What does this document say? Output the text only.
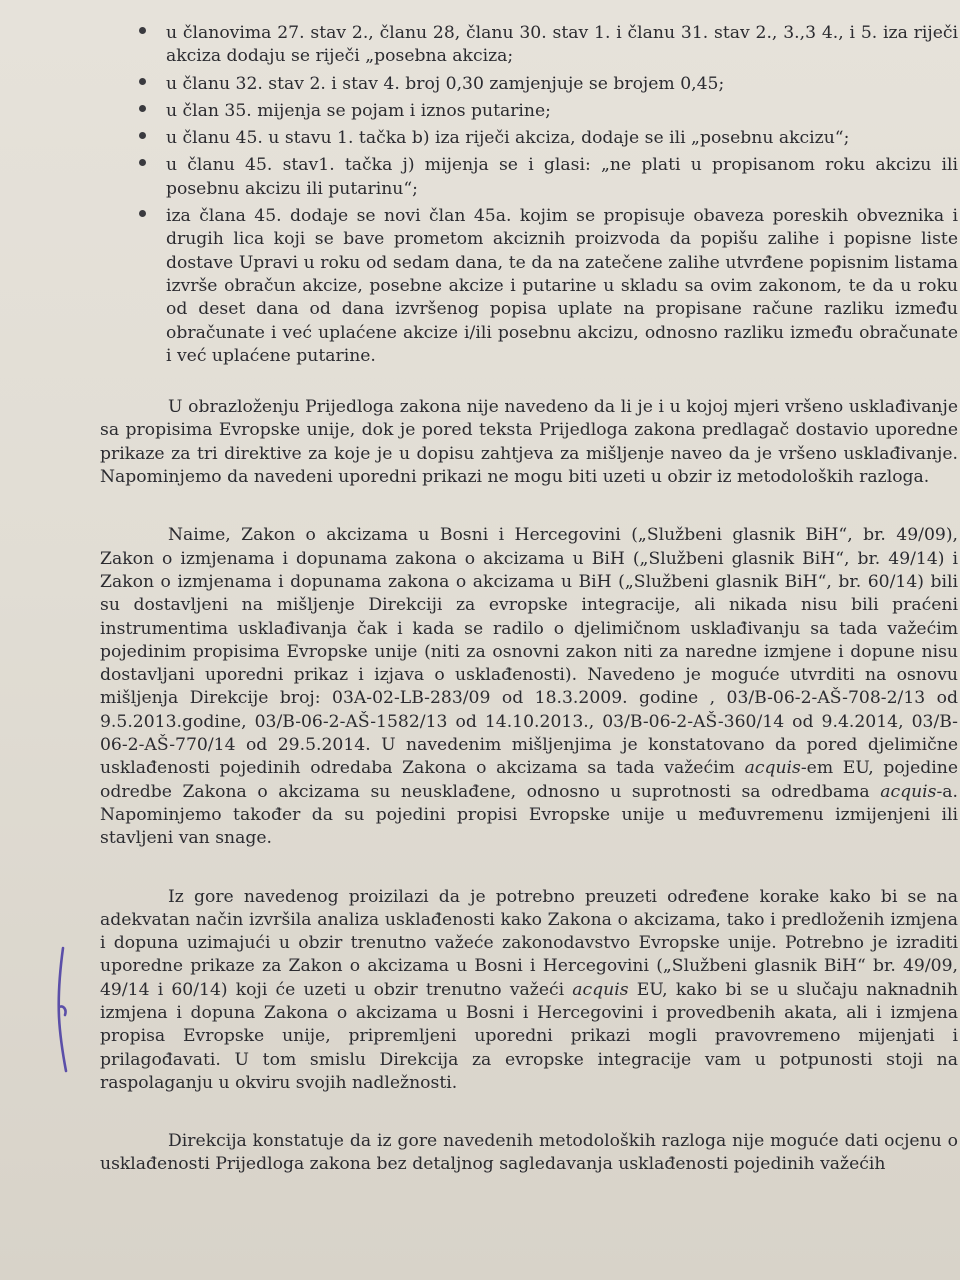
u članovima 27. stav 2., članu 28, članu 30. stav 1. i članu 31. stav 2., 3.,3 4., i 5. iza riječi akciza dodaju se riječi „posebna akciza;
u članu 32. stav 2. i stav 4. broj 0,30 zamjenjuje se brojem 0,45;
u član 35. mijenja se pojam i iznos putarine;
u članu 45. u stavu 1. tačka b) iza riječi akciza, dodaje se ili „posebnu akcizu“;
u članu 45. stav1. tačka j) mijenja se i glasi: „ne plati u propisanom roku akcizu ili posebnu akcizu ili putarinu“;
iza člana 45. dodaje se novi član 45a. kojim se propisuje obaveza poreskih obveznika i drugih lica koji se bave prometom akciznih proizvoda da popišu zalihe i popisne liste dostave Upravi u roku od sedam dana, te da na zatečene zalihe utvrđene popisnim listama izvrše obračun akcize, posebne akcize i putarine u skladu sa ovim zakonom, te da u roku od deset dana od dana izvršenog popisa uplate na propisane račune razliku između obračunate i već uplaćene akcize i/ili posebnu akcizu, odnosno razliku između obračunate i već uplaćene putarine.

U obrazloženju Prijedloga zakona nije navedeno da li je i u kojoj mjeri vršeno usklađivanje sa propisima Evropske unije, dok je pored teksta Prijedloga zakona predlagač dostavio uporedne prikaze za tri direktive za koje je u dopisu zahtjeva za mišljenje naveo da je vršeno usklađivanje. Napominjemo da navedeni uporedni prikazi ne mogu biti uzeti u obzir iz metodoloških razloga.

Naime, Zakon o akcizama u Bosni i Hercegovini („Službeni glasnik BiH“, br. 49/09), Zakon o izmjenama i dopunama zakona o akcizama u BiH („Službeni glasnik BiH“, br. 49/14) i Zakon o izmjenama i dopunama zakona o akcizama u BiH („Službeni glasnik BiH“, br. 60/14) bili su dostavljeni na mišljenje Direkciji za evropske integracije, ali nikada nisu bili praćeni instrumentima usklađivanja čak i kada se radilo o djelimičnom usklađivanju sa tada važećim pojedinim propisima Evropske unije (niti za osnovni zakon niti za naredne izmjene i dopune nisu dostavljani uporedni prikaz i izjava o usklađenosti). Navedeno je moguće utvrditi na osnovu mišljenja Direkcije broj: 03A-02-LB-283/09 od 18.3.2009. godine , 03/B-06-2-AŠ-708-2/13 od 9.5.2013.godine, 03/B-06-2-AŠ-1582/13 od 14.10.2013., 03/B-06-2-AŠ-360/14 od 9.4.2014, 03/B-06-2-AŠ-770/14 od 29.5.2014. U navedenim mišljenjima je konstatovano da pored djelimične usklađenosti pojedinih odredaba Zakona o akcizama sa tada važećim acquis-em EU, pojedine odredbe Zakona o akcizama su neusklađene, odnosno u suprotnosti sa odredbama acquis-a. Napominjemo također da su pojedini propisi Evropske unije u međuvremenu izmijenjeni ili stavljeni van snage.

Iz gore navedenog proizilazi da je potrebno preuzeti određene korake kako bi se na adekvatan način izvršila analiza usklađenosti kako Zakona o akcizama, tako i predloženih izmjena i dopuna uzimajući u obzir trenutno važeće zakonodavstvo Evropske unije. Potrebno je izraditi uporedne prikaze za Zakon o akcizama u Bosni i Hercegovini („Službeni glasnik BiH“ br. 49/09, 49/14 i 60/14) koji će uzeti u obzir trenutno važeći acquis EU, kako bi se u slučaju naknadnih izmjena i dopuna Zakona o akcizama u Bosni i Hercegovini i provedbenih akata, ali i izmjena propisa Evropske unije, pripremljeni uporedni prikazi mogli pravovremeno mijenjati i prilagođavati. U tom smislu Direkcija za evropske integracije vam u potpunosti stoji na raspolaganju u okviru svojih nadležnosti.

Direkcija konstatuje da iz gore navedenih metodoloških razloga nije moguće dati ocjenu o usklađenosti Prijedloga zakona bez detaljnog sagledavanja usklađenosti pojedinih važećih
